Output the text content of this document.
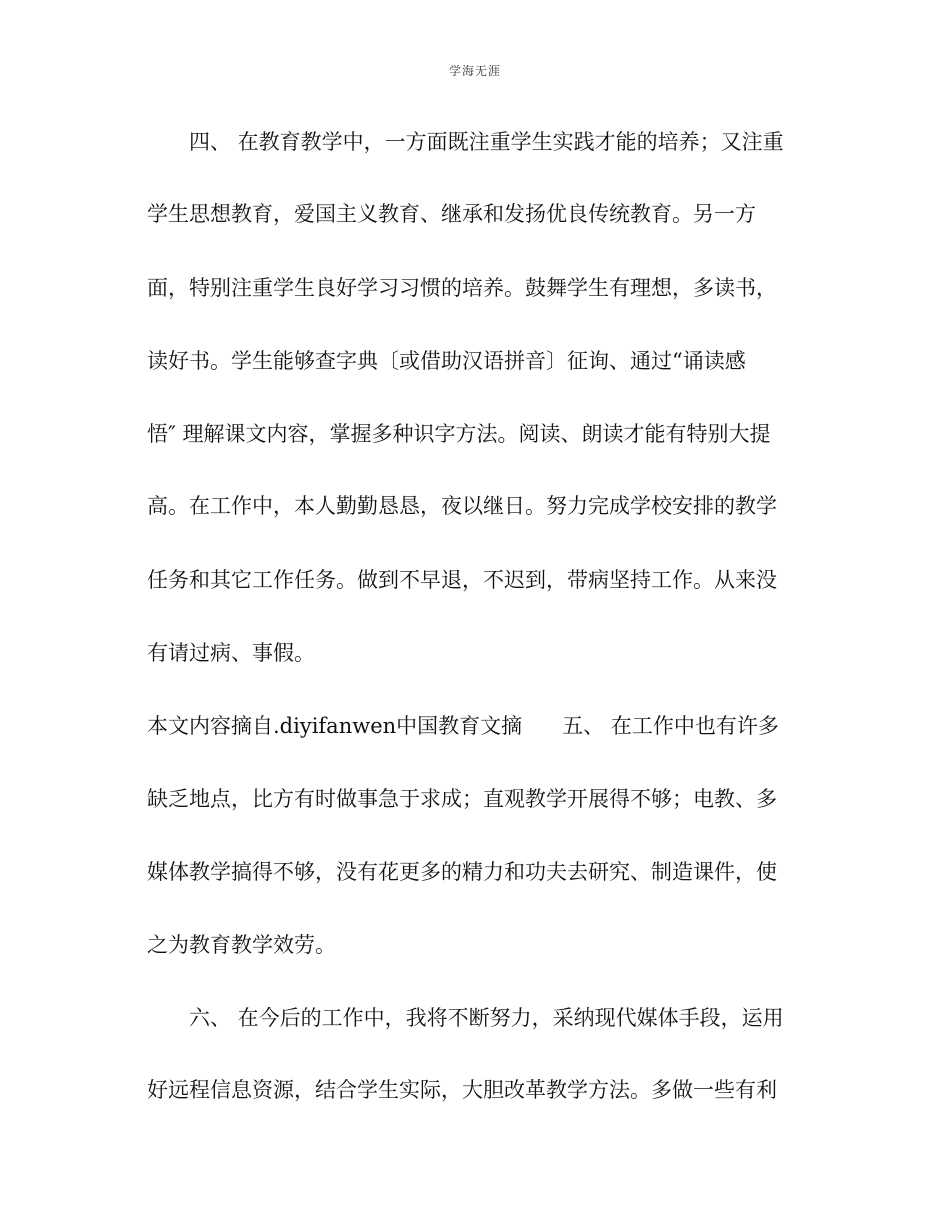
学海无涯
四、 在教育教学中，一方面既注重学生实践才能的培养；又注重
学生思想教育，爱国主义教育、继承和发扬优良传统教育。另一方
面，特别注重学生良好学习习惯的培养。鼓舞学生有理想，多读书，
读好书。学生能够查字典〔或借助汉语拼音〕征询、通过“诵读感
悟″ 理解课文内容，掌握多种识字方法。阅读、朗读才能有特别大提
高。在工作中，本人勤勤恳恳，夜以继日。努力完成学校安排的教学
任务和其它工作任务。做到不早退，不迟到，带病坚持工作。从来没
有请过病、事假。
本文内容摘自.diyifanwen中国教育文摘 五、 在工作中也有许多
缺乏地点，比方有时做事急于求成；直观教学开展得不够；电教、多
媒体教学搞得不够，没有花更多的精力和功夫去研究、制造课件，使
之为教育教学效劳。
六、 在今后的工作中，我将不断努力，采纳现代媒体手段，运用
好远程信息资源，结合学生实际，大胆改革教学方法。多做一些有利
